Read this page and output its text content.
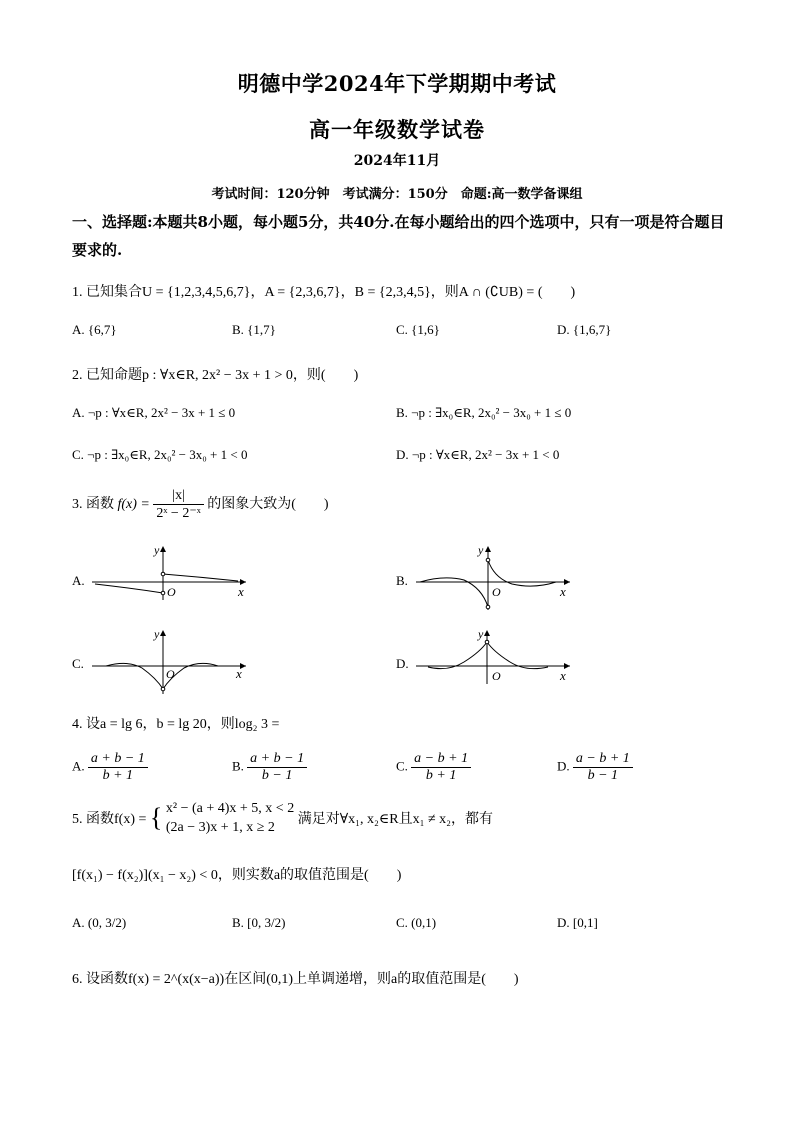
明德中学2024年下学期期中考试
高一年级数学试卷
2024年11月
考试时间：120分钟　考试满分：150分　命题:高一数学备课组
一、选择题:本题共8小题，每小题5分，共40分.在每小题给出的四个选项中，只有一项是符合题目要求的.
1. 已知集合U = {1,2,3,4,5,6,7}，A = {2,3,6,7}，B = {2,3,4,5}，则A ∩ (∁UB) = (　　)
A. {6,7}	B. {1,7}	C. {1,6}	D. {1,6,7}
2. 已知命题p : ∀x∈R, 2x² − 3x + 1 > 0，则(　　)
A. ¬p : ∀x∈R, 2x² − 3x + 1 ≤ 0	B. ¬p : ∃x₀∈R, 2x₀² − 3x₀ + 1 ≤ 0
C. ¬p : ∃x₀∈R, 2x₀² − 3x₀ + 1 < 0	D. ¬p : ∀x∈R, 2x² − 3x + 1 < 0
3. 函数 $f(x) = \frac{|x|}{\text{2ˣ − 2⁻ˣ}}$ 的图象大致为(　　)
A.	B.
C.	D.
y
x
O
y
x
O
y
x
O
y
x
O
4. 设a = lg 6，b = lg 20，则log₂ 3 =
A. $\frac{a + b - 1}{b + 1}$	B. $\frac{a + b - 1}{b - 1}$	C. $\frac{a - b + 1}{b + 1}$	D. $\frac{a - b + 1}{b - 1}$
5. 函数f(x) = { x² − (a + 4)x + 5, x < 2
(2a − 3)x + 1, x ≥ 2
满足对∀x₁, x₂∈R且x₁ ≠ x₂，都有
[f(x₁) − f(x₂)](x₁ − x₂) < 0，则实数a的取值范围是(　　)
A. (0, 3/2)	B. [0, 3/2)	C. (0,1)	D. [0,1]
6. 设函数f(x) = 2^(x(x−a))在区间(0,1)上单调递增，则a的取值范围是(　　)
